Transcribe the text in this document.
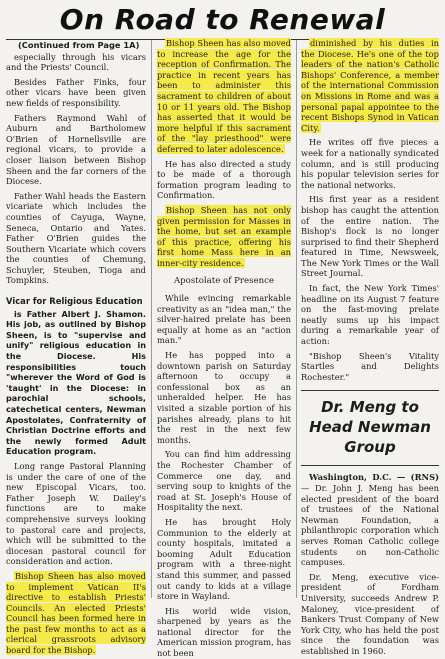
On Road to Renewal
(Continued from Page 1A)

especially through his vicars and the Priests' Council.

Besides Father Finks, four other vicars have been given new fields of responsibility.

Fathers Raymond Wahl of Auburn and Bartholomew O'Brien of Hornellsville are regional vicars, to provide a closer liaison between Bishop Sheen and the far corners of the Diocese.

Father Wahl heads the Eastern vicariate which includes the counties of Cayuga, Wayne, Seneca, Ontario and Yates. Father O'Brien guides the Southern Vicariate which covers the counties of Chemung, Schuyler, Steuben, Tioga and Tompkins.

Vicar for Religious Education

is Father Albert J. Shamon. His job, as outlined by Bishop Sheen, is to "supervise and unify" religious education in the Diocese. His responsibilities touch "wherever the Word of God is 'taught' in the Diocese: in parochial schools, catechetical centers, Newman Apostolates, Confraternity of Christian Doctrine efforts and the newly formed Adult Education program.

Long range Pastoral Planning is under the care of one of the new Episcopal Vicars, too. Father Joseph W. Dailey's functions are to make comprehensive surveys looking to pastoral care and projects, which will be submitted to the diocesan pastoral council for consideration and action.

Bishop Sheen has also moved to implement Vatican II's directive to establish Priests' Councils. An elected Priests' Council has been formed here in the past few months to act as a clerical grassroots advisory board for the Bishop.

Bishop Sheen has also moved to increase the age for the reception of Confirmation. The practice in recent years has been to administer this sacrament to children of about 10 or 11 years old. The Bishop has asserted that it would be more helpful if this sacrament of the "lay priesthood" were deferred to later adolescence.

He has also directed a study to be made of a thorough formation program leading to Confirmation.

Bishop Sheen has not only given permission for Masses in the home, but set an example of this practice, offering his first home Mass here in an inner-city residence.

Apostolate of Presence

While evincing remarkable creativity as an "idea man," the silver-haired prelate has been equally at home as an "action man."

He has popped into a downtown parish on Saturday afternoon to occupy a confessional box as an unheralded helper. He has visited a sizable portion of his parishes already, plans to hit the rest in the next few months.

You can find him addressing the Rochester Chamber of Commerce one day, and serving soup to knights of the road at St. Joseph's House of Hospitality the next.

He has brought Holy Communion to the elderly at county hospitals, imitated a booming Adult Education program with a three-night stand this summer, and passed out candy to kids at a village store in Wayland.

His world wide vision, sharpened by years as the national director for the American mission program, has not been

diminished by his duties in the Diocese. He's one of the top leaders of the nation's Catholic Bishops' Conference, a member of the international Commission on Missions in Rome and was a personal papal appointee to the recent Bishops Synod in Vatican City.

He writes off five pieces a week for a nationally syndicated column, and is still producing his popular television series for the national networks.

His first year as a resident bishop has caught the attention of the entire nation. The Bishop's flock is no longer surprised to find their Shepherd featured in Time, Newsweek, The New York Times or the Wall Street Journal.

In fact, the New York Times' headline on its August 7 feature on the fast-moving prelate neatly sums up his impact during a remarkable year of action:

"Bishop Sheen's Vitality Startles and Delights Rochester."

Dr. Meng to Head Newman Group

Washington, D.C. — (RNS) — Dr. John J. Meng has been elected president of the board of trustees of the National Newman Foundation, a philanthropic corporation which serves Roman Catholic college students on non-Catholic campuses.

Dr. Meng, executive vice-president of Fordham University, succeeds Andrew P. Maloney, vice-president of Bankers Trust Company of New York City, who has held the post since the foundation was established in 1960.
